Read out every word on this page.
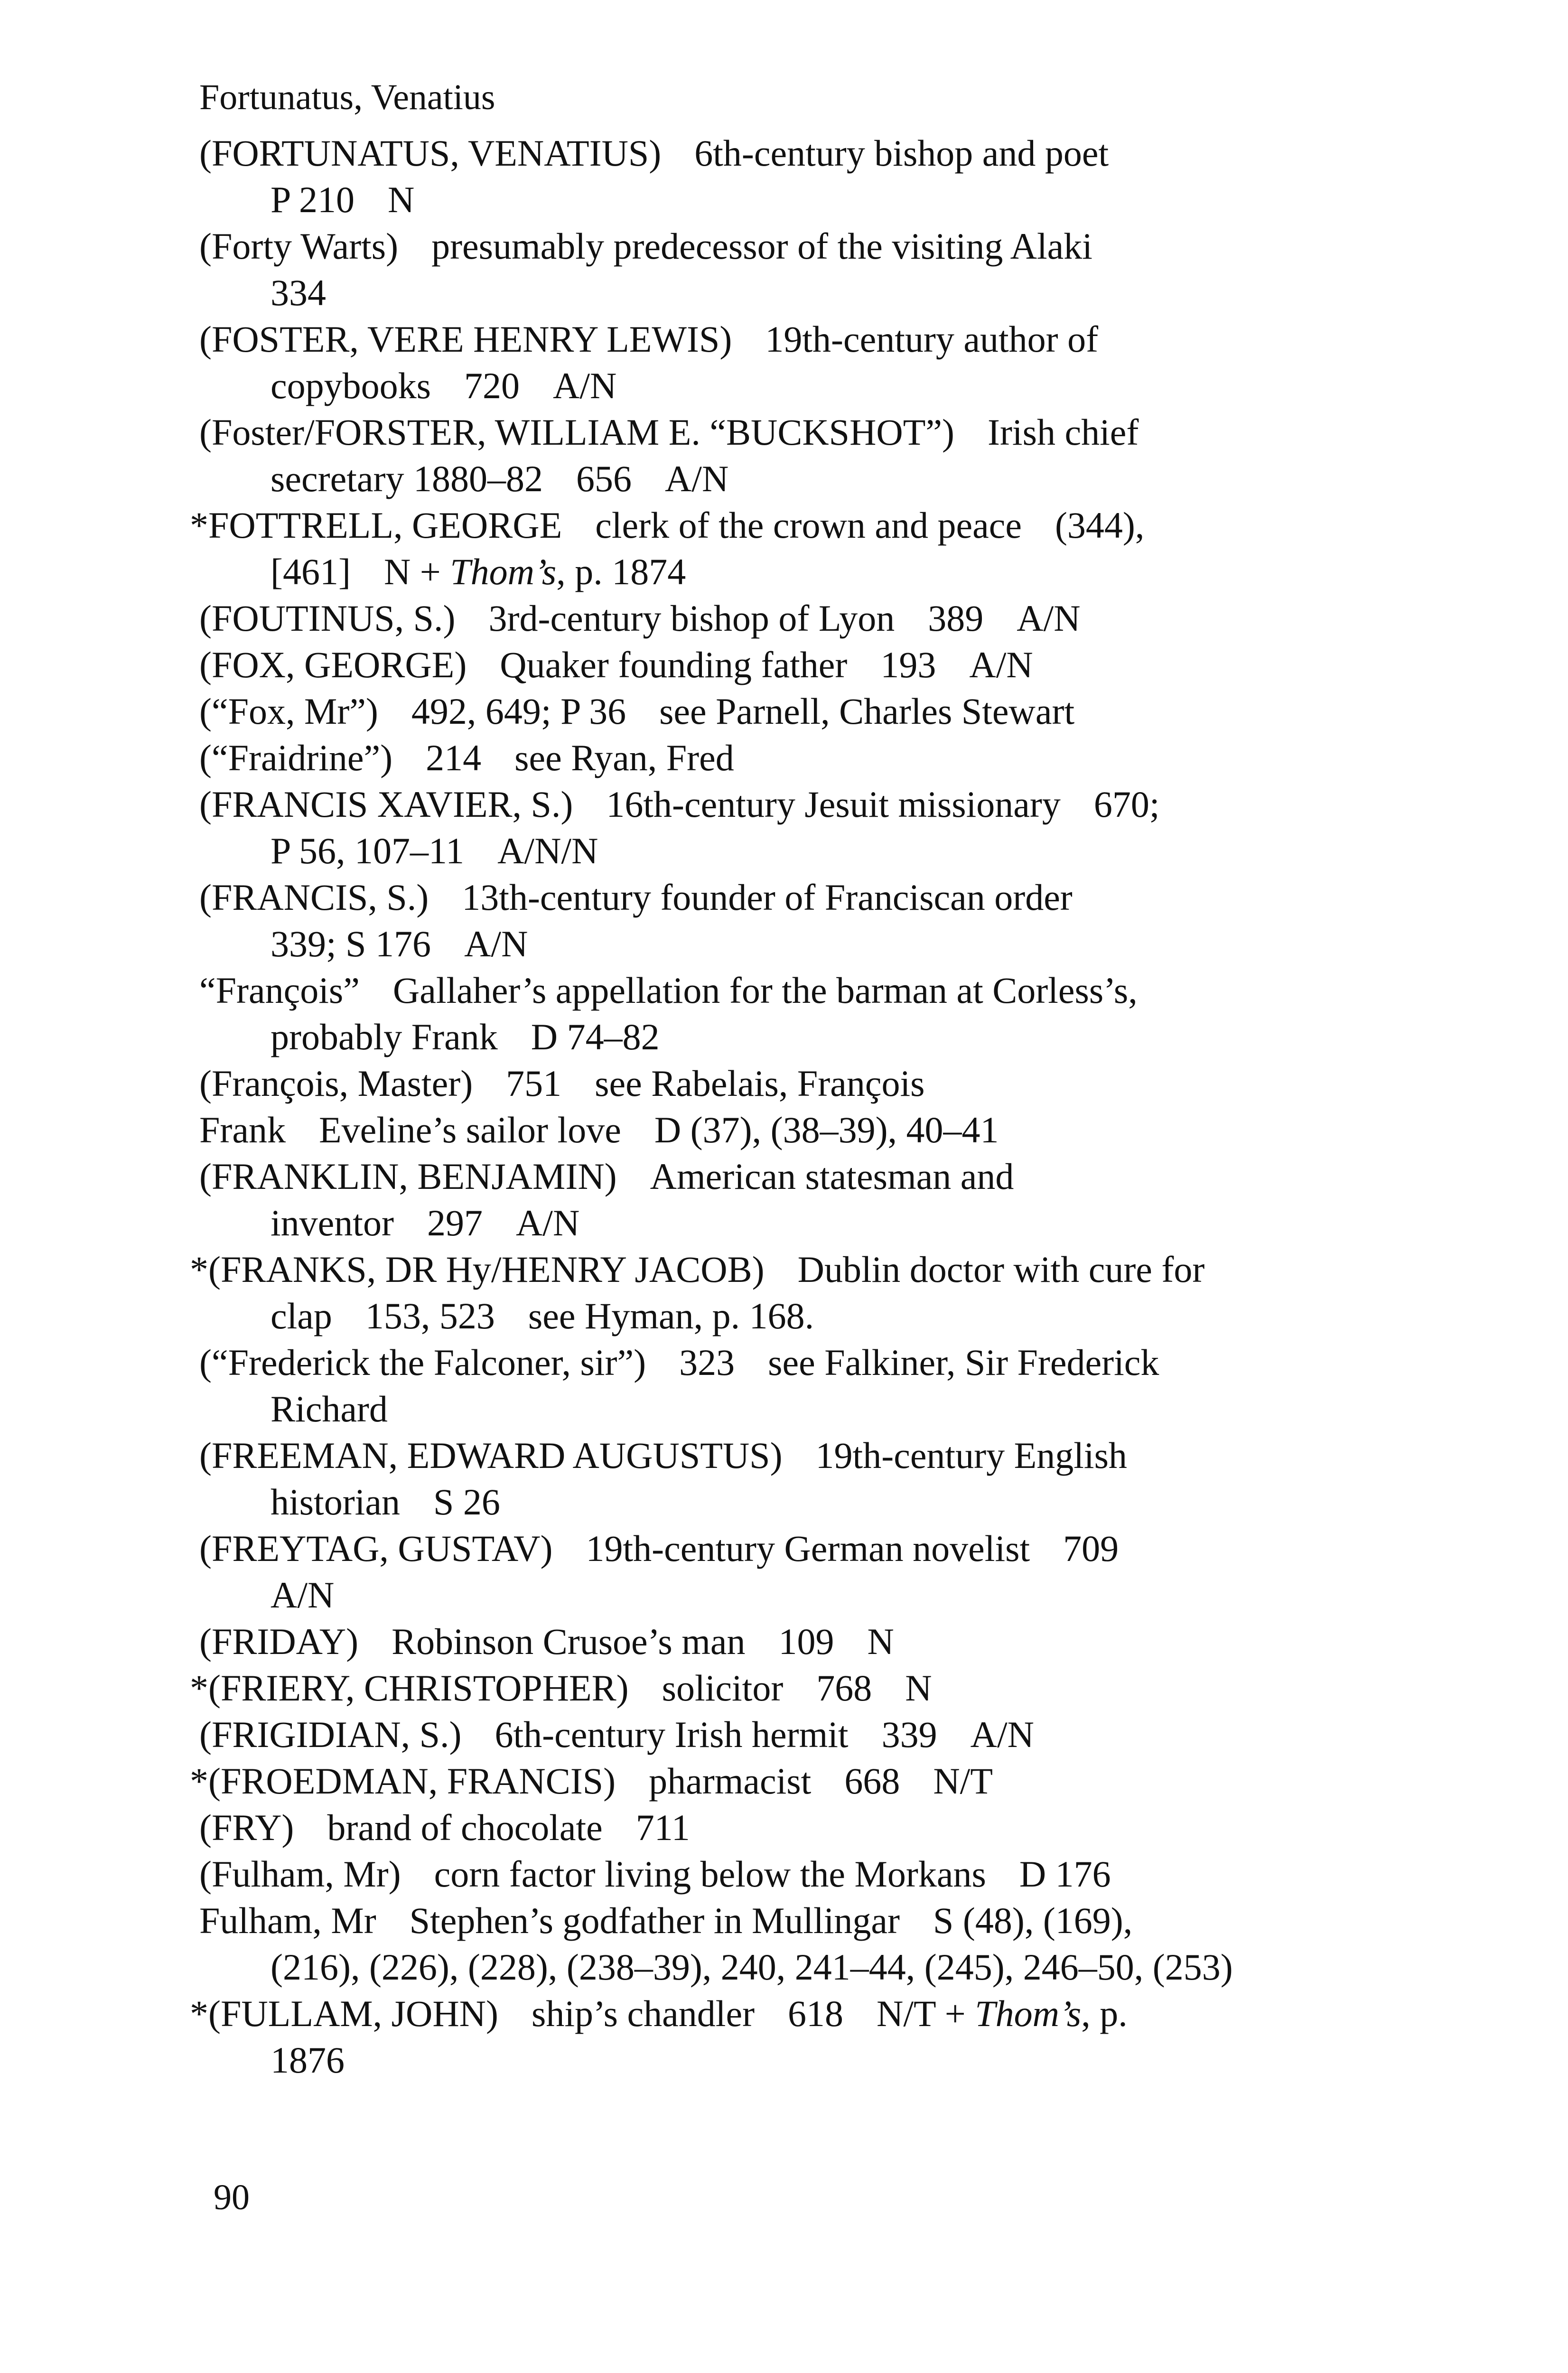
Fortunatus, Venatius
(FORTUNATUS, VENATIUS) 6th-century bishop and poet
P 210 N
(Forty Warts) presumably predecessor of the visiting Alaki
334
(FOSTER, VERE HENRY LEWIS) 19th-century author of
copybooks 720 A/N
(Foster/FORSTER, WILLIAM E. “BUCKSHOT”) Irish chief
secretary 1880–82 656 A/N
*FOTTRELL, GEORGE clerk of the crown and peace (344),
[461] N + Thom’s, p. 1874
(FOUTINUS, S.) 3rd-century bishop of Lyon 389 A/N
(FOX, GEORGE) Quaker founding father 193 A/N
(“Fox, Mr”) 492, 649; P 36 see Parnell, Charles Stewart
(“Fraidrine”) 214 see Ryan, Fred
(FRANCIS XAVIER, S.) 16th-century Jesuit missionary 670;
P 56, 107–11 A/N/N
(FRANCIS, S.) 13th-century founder of Franciscan order
339; S 176 A/N
“François” Gallaher’s appellation for the barman at Corless’s,
probably Frank D 74–82
(François, Master) 751 see Rabelais, François
Frank Eveline’s sailor love D (37), (38–39), 40–41
(FRANKLIN, BENJAMIN) American statesman and
inventor 297 A/N
*(FRANKS, DR Hy/HENRY JACOB) Dublin doctor with cure for
clap 153, 523 see Hyman, p. 168.
(“Frederick the Falconer, sir”) 323 see Falkiner, Sir Frederick
Richard
(FREEMAN, EDWARD AUGUSTUS) 19th-century English
historian S 26
(FREYTAG, GUSTAV) 19th-century German novelist 709
A/N
(FRIDAY) Robinson Crusoe’s man 109 N
*(FRIERY, CHRISTOPHER) solicitor 768 N
(FRIGIDIAN, S.) 6th-century Irish hermit 339 A/N
*(FROEDMAN, FRANCIS) pharmacist 668 N/T
(FRY) brand of chocolate 711
(Fulham, Mr) corn factor living below the Morkans D 176
Fulham, Mr Stephen’s godfather in Mullingar S (48), (169),
(216), (226), (228), (238–39), 240, 241–44, (245), 246–50, (253)
*(FULLAM, JOHN) ship’s chandler 618 N/T + Thom’s, p.
1876
90
